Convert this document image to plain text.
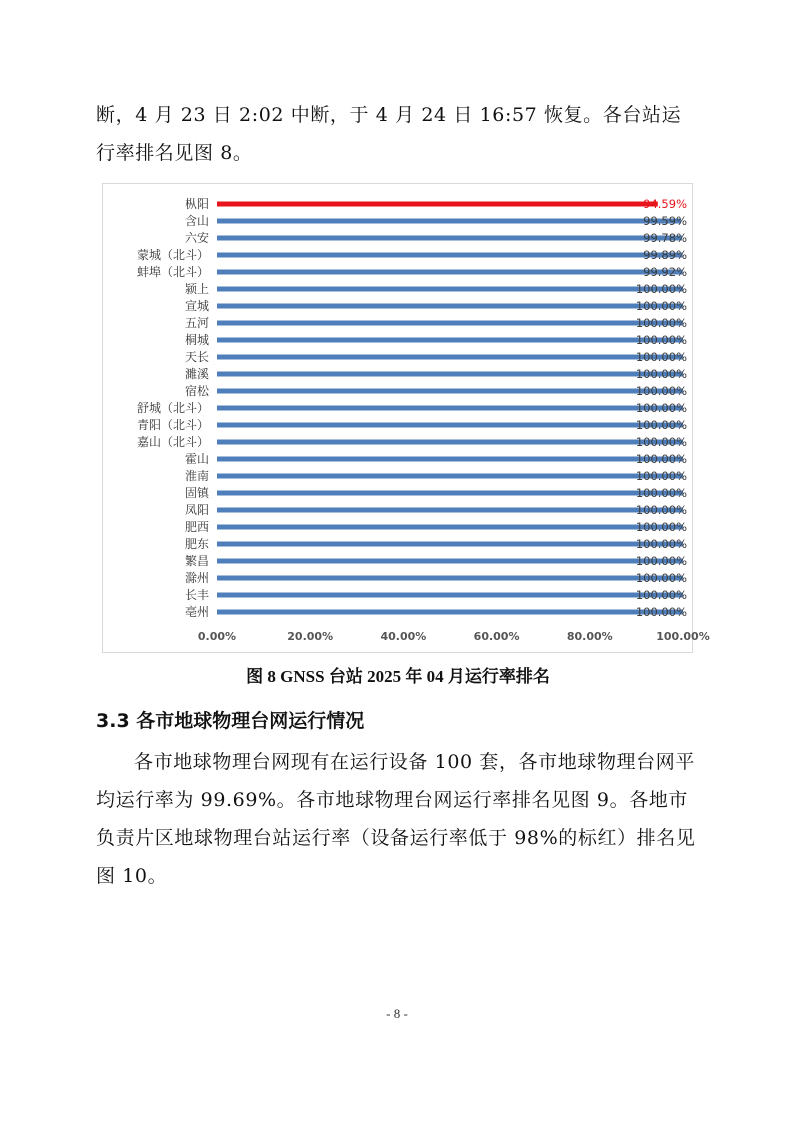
断，4 月 23 日 2:02 中断，于 4 月 24 日 16:57 恢复。各台站运行率排名见图 8。

枞阳	94.59%
含山	99.59%
六安	99.78%
蒙城（北斗）	99.89%
蚌埠（北斗）	99.92%
颍上	100.00%
宣城	100.00%
五河	100.00%
桐城	100.00%
天长	100.00%
濉溪	100.00%
宿松	100.00%
舒城（北斗）	100.00%
青阳（北斗）	100.00%
嘉山（北斗）	100.00%
霍山	100.00%
淮南	100.00%
固镇	100.00%
凤阳	100.00%
肥西	100.00%
肥东	100.00%
繁昌	100.00%
滁州	100.00%
长丰	100.00%
亳州	100.00%
0.00%	20.00%	40.00%	60.00%	80.00%	100.00%
图 8 GNSS 台站 2025 年 04 月运行率排名
3.3 各市地球物理台网运行情况

各市地球物理台网现有在运行设备 100 套，各市地球物理台网平均运行率为 99.69%。各市地球物理台网运行率排名见图 9。各地市负责片区地球物理台站运行率（设备运行率低于 98%的标红）排名见图 10。

- 8 -
